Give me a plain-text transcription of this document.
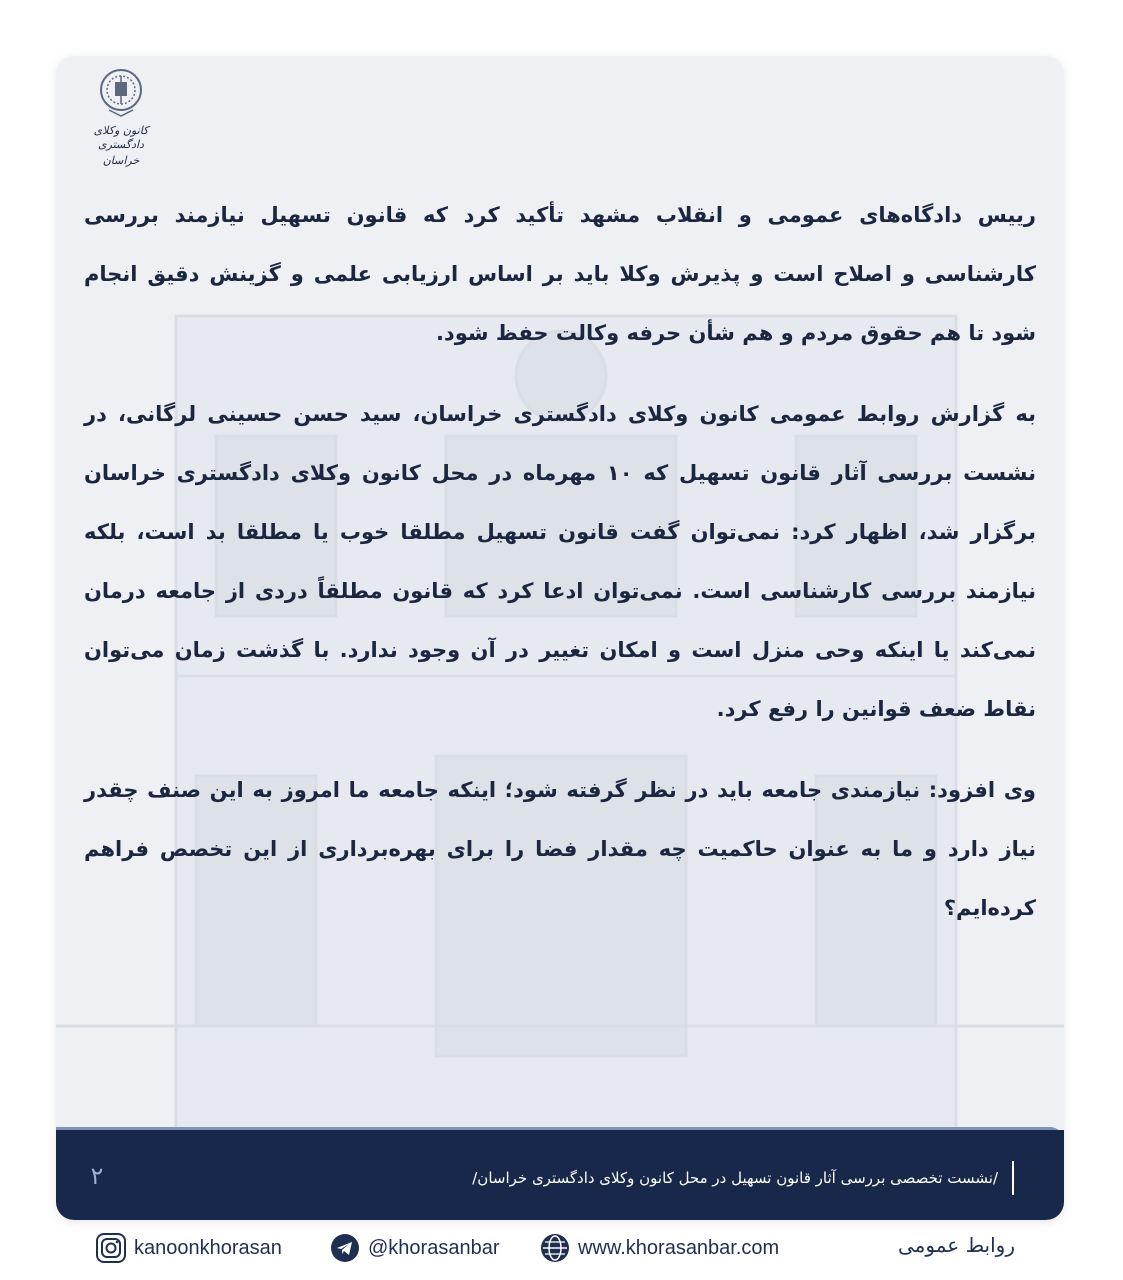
کانون وکلای دادگستری
خراسان

رییس دادگاه‌های عمومی و انقلاب مشهد تأکید کرد که قانون تسهیل نیازمند بررسی کارشناسی و اصلاح است و پذیرش وکلا باید بر اساس ارزیابی علمی و گزینش دقیق انجام شود تا هم حقوق مردم و هم شأن حرفه وکالت حفظ شود.

به گزارش روابط عمومی کانون وکلای دادگستری خراسان، سید حسن حسینی لرگانی، در نشست بررسی آثار قانون تسهیل که ۱۰ مهرماه در محل کانون وکلای دادگستری خراسان برگزار شد، اظهار کرد: نمی‌توان گفت قانون تسهیل مطلقا خوب یا مطلقا بد است، بلکه نیازمند بررسی کارشناسی است. نمی‌توان ادعا کرد که قانون مطلقاً دردی از جامعه درمان نمی‌کند یا اینکه وحی منزل است و امکان تغییر در آن وجود ندارد. با گذشت زمان می‌توان نقاط ضعف قوانین را رفع کرد.

وی افزود: نیازمندی جامعه باید در نظر گرفته شود؛ اینکه جامعه ما امروز به این صنف چقدر نیاز دارد و ما به عنوان حاکمیت چه مقدار فضا را برای بهره‌برداری از این تخصص فراهم کرده‌ایم؟

/نشست تخصصی بررسی آثار قانون تسهیل در محل کانون وکلای دادگستری خراسان/
۲
kanoonkhorasan	@khorasanbar	www.khorasanbar.com	روابط عمومی
